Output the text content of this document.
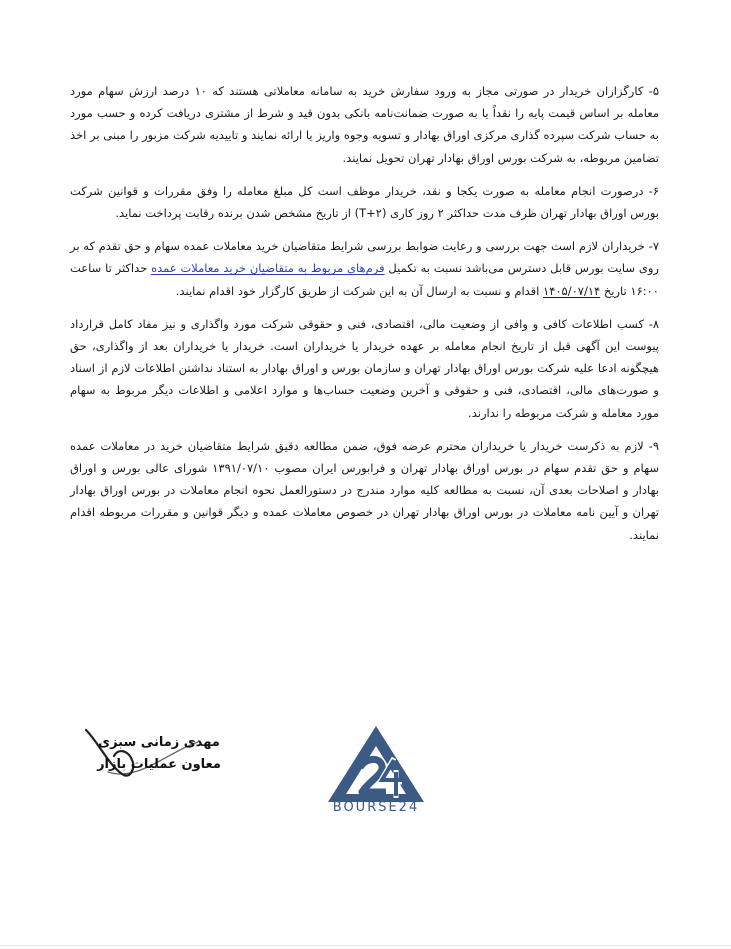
۵- کارگزاران خریدار در صورتی مجاز به ورود سفارش خرید به سامانه معاملاتی هستند که ۱۰ درصد ارزش سهام مورد معامله بر اساس قیمت پایه را نقداً یا به صورت ضمانت‌نامه بانکی بدون قید و شرط از مشتری دریافت کرده و حسب مورد به حساب شرکت سپرده گذاری مرکزی اوراق بهادار و تسویه وجوه واریز یا ارائه نمایند و تاییدیه شرکت مزبور را مبنی بر اخذ تضامین مربوطه، به شرکت بورس اوراق بهادار تهران تحویل نمایند.

۶- درصورت انجام معامله به صورت یکجا و نقد، خریدار موظف است کل مبلغ معامله را وفق مقررات و قوانین شرکت بورس اوراق بهادار تهران ظرف مدت حداکثر ۲ روز کاری (T+۲) از تاریخ مشخص شدن برنده رقابت پرداخت نماید.

۷- خریداران لازم است جهت بررسی و رعایت ضوابط بررسی شرایط متقاضیان خرید معاملات عمده سهام و حق تقدم که بر روی سایت بورس قابل دسترس می‌باشد نسبت به تکمیل فرم‌های مربوط به متقاضیان خرید معاملات عمده حداکثر تا ساعت ۱۶:۰۰ تاریخ ۱۴۰۵/۰۷/۱۴ اقدام و نسبت به ارسال آن به این شرکت از طریق کارگزار خود اقدام نمایند.

۸- کسب اطلاعات کافی و وافی از وضعیت مالی، اقتصادی، فنی و حقوقی شرکت مورد واگذاری و نیز مفاد کامل قرارداد پیوست این آگهی قبل از تاریخ انجام معامله بر عهده خریدار یا خریداران است. خریدار یا خریداران بعد از واگذاری، حق هیچگونه ادعا علیه شرکت بورس اوراق بهادار تهران و سازمان بورس و اوراق بهادار به استناد نداشتن اطلاعات لازم از اسناد و صورت‌های مالی، اقتصادی، فنی و حقوقی و آخرین وضعیت حساب‌ها و موارد اعلامی و اطلاعات دیگر مربوط به سهام مورد معامله و شرکت مربوطه را ندارند.

۹- لازم به ذکرست خریدار یا خریداران محترم عرضه فوق، ضمن مطالعه دقیق شرایط متقاضیان خرید در معاملات عمده سهام و حق تقدم سهام در بورس اوراق بهادار تهران و فرابورس ایران مصوب ۱۳۹۱/۰۷/۱۰ شورای عالی بورس و اوراق بهادار و اصلاحات بعدی آن، نسبت به مطالعه کلیه موارد مندرج در دستورالعمل نحوه انجام معاملات در بورس اوراق بهادار تهران و آیین نامه معاملات در بورس اوراق بهادار تهران در خصوص معاملات عمده و دیگر قوانین و مقررات مربوطه اقدام نمایند.

مهدی زمانی سبزی
معاون عملیات بازار
BOURSE24
